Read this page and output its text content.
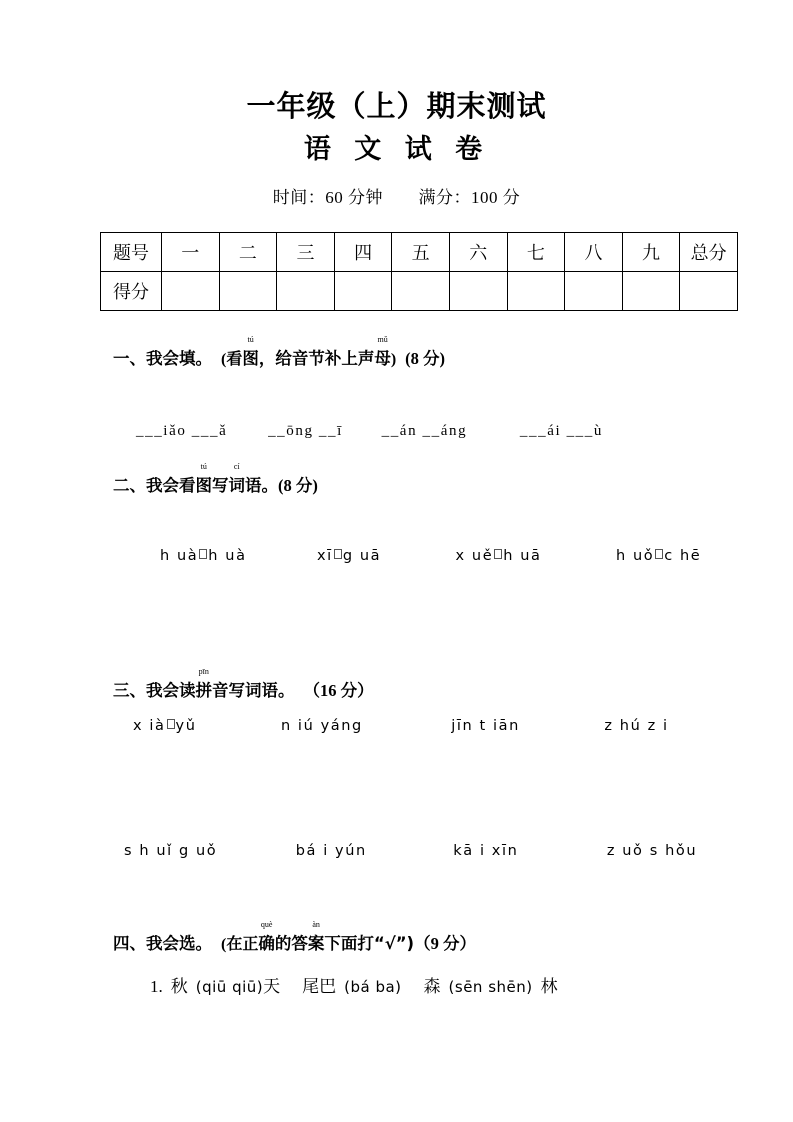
一年级（上）期末测试
语 文 试 卷
时间：60 分钟 满分：100 分
题号	一	二	三	四	五	六	七	八	九	总分
得分										
一、我会填。 (看
tú
图，给音节补上声
mǔ
母) (8 分)
___iǎo ___ǎ	__ōng __ī	__án __áng	___ái ___ù
二、我会看
tú
图写
cí
词语。(8 分)
h uà h uà	xī g uā	x uě h uā	h uǒ c hē
三、我会读
pīn
拼音写词语。 （16 分）
x ià yǔ	n iú yáng	jīn t iān	z hú z i
s h uǐ g uǒ	bá i yún	kā i xīn	z uǒ s hǒu
四、我会选。 (在正
què
确的答
àn
案下面打“√”)（9 分）
1. 秋 (qiū qiū)天 尾巴 (bá ba) 森 (sēn shēn) 林
